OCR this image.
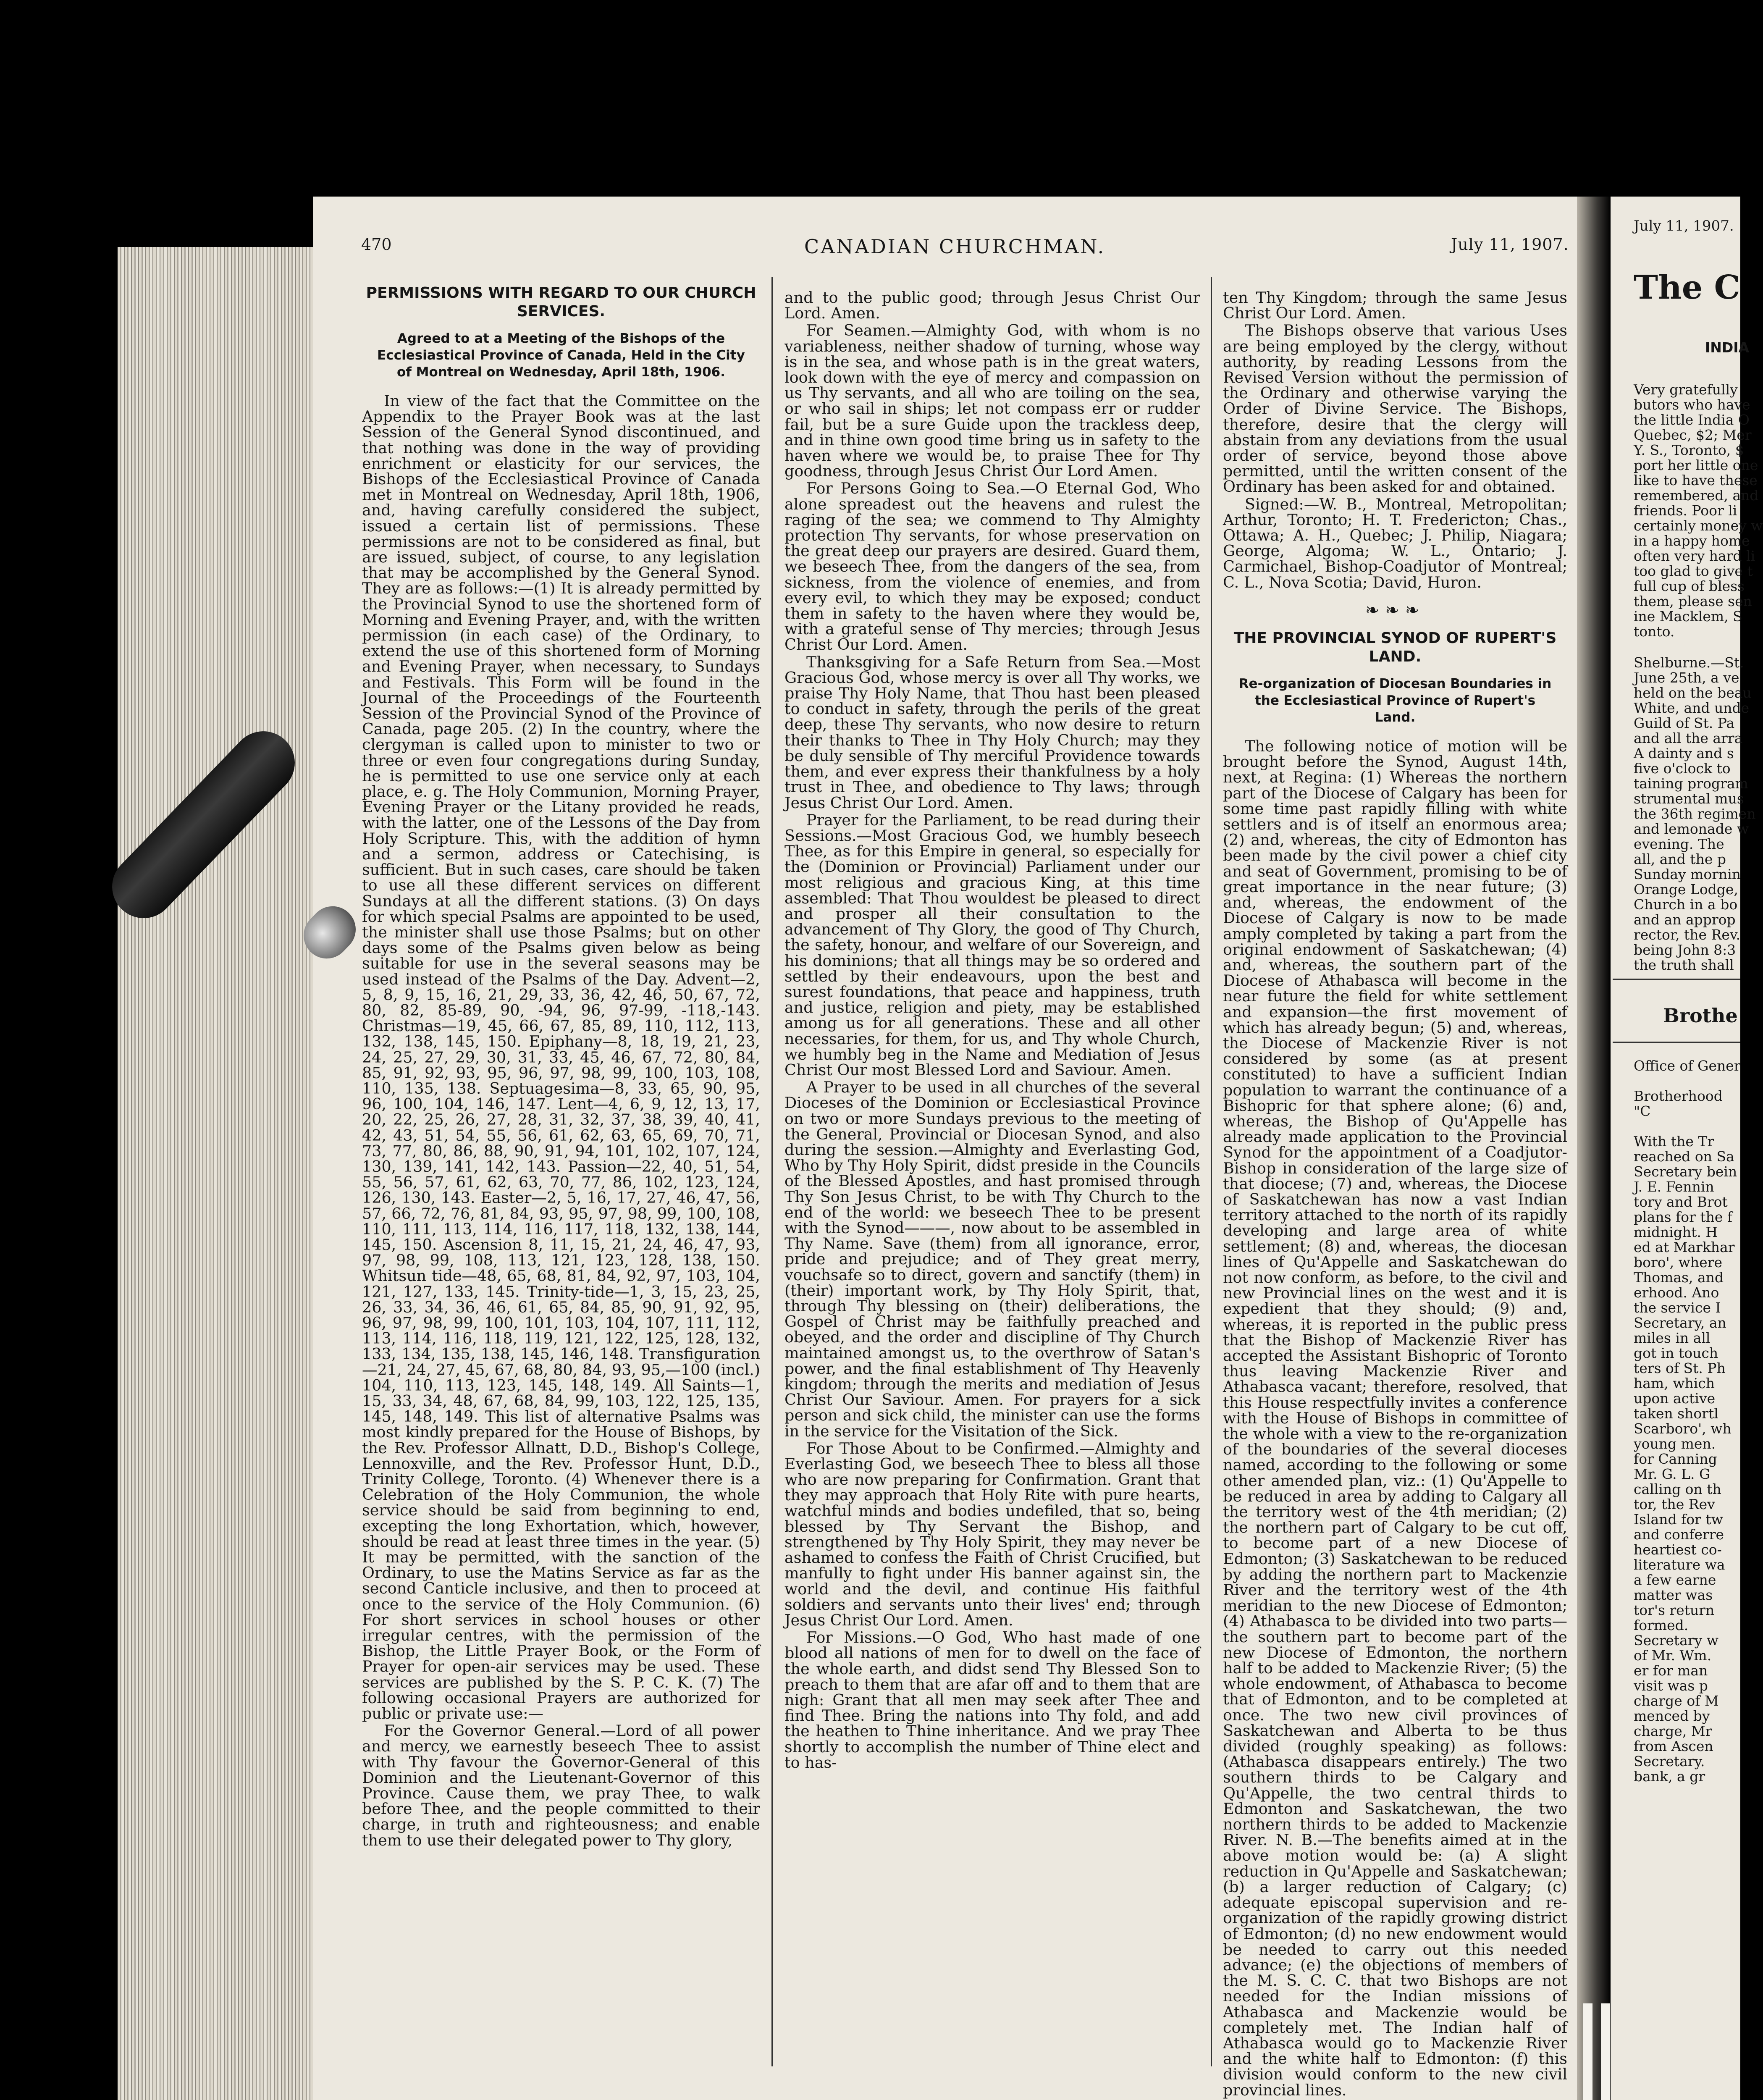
470	CANADIAN CHURCHMAN.	July 11, 1907.
PERMISSIONS WITH REGARD TO OUR CHURCH SERVICES.
Agreed to at a Meeting of the Bishops of the Ecclesiastical Province of Canada, Held in the City of Montreal on Wednesday, April 18th, 1906.

In view of the fact that the Committee on the Appendix to the Prayer Book was at the last Session of the General Synod discontinued, and that nothing was done in the way of providing enrichment or elasticity for our services, the Bishops of the Ecclesiastical Province of Canada met in Montreal on Wednesday, April 18th, 1906, and, having carefully considered the subject, issued a certain list of permissions. These permissions are not to be considered as final, but are issued, subject, of course, to any legislation that may be accomplished by the General Synod. They are as follows:—(1) It is already permitted by the Provincial Synod to use the shortened form of Morning and Evening Prayer, and, with the written permission (in each case) of the Ordinary, to extend the use of this shortened form of Morning and Evening Prayer, when necessary, to Sundays and Festivals. This Form will be found in the Journal of the Proceedings of the Fourteenth Session of the Provincial Synod of the Province of Canada, page 205. (2) In the country, where the clergyman is called upon to minister to two or three or even four congregations during Sunday, he is permitted to use one service only at each place, e. g. The Holy Communion, Morning Prayer, Evening Prayer or the Litany provided he reads, with the latter, one of the Lessons of the Day from Holy Scripture. This, with the addition of hymn and a sermon, address or Catechising, is sufficient. But in such cases, care should be taken to use all these different services on different Sundays at all the different stations. (3) On days for which special Psalms are appointed to be used, the minister shall use those Psalms; but on other days some of the Psalms given below as being suitable for use in the several seasons may be used instead of the Psalms of the Day. Advent—2, 5, 8, 9, 15, 16, 21, 29, 33, 36, 42, 46, 50, 67, 72, 80, 82, 85-89, 90, -94, 96, 97-99, -118,-143. Christmas—19, 45, 66, 67, 85, 89, 110, 112, 113, 132, 138, 145, 150. Epiphany—8, 18, 19, 21, 23, 24, 25, 27, 29, 30, 31, 33, 45, 46, 67, 72, 80, 84, 85, 91, 92, 93, 95, 96, 97, 98, 99, 100, 103, 108, 110, 135, 138. Septuagesima—8, 33, 65, 90, 95, 96, 100, 104, 146, 147. Lent—4, 6, 9, 12, 13, 17, 20, 22, 25, 26, 27, 28, 31, 32, 37, 38, 39, 40, 41, 42, 43, 51, 54, 55, 56, 61, 62, 63, 65, 69, 70, 71, 73, 77, 80, 86, 88, 90, 91, 94, 101, 102, 107, 124, 130, 139, 141, 142, 143. Passion—22, 40, 51, 54, 55, 56, 57, 61, 62, 63, 70, 77, 86, 102, 123, 124, 126, 130, 143. Easter—2, 5, 16, 17, 27, 46, 47, 56, 57, 66, 72, 76, 81, 84, 93, 95, 97, 98, 99, 100, 108, 110, 111, 113, 114, 116, 117, 118, 132, 138, 144, 145, 150. Ascension 8, 11, 15, 21, 24, 46, 47, 93, 97, 98, 99, 108, 113, 121, 123, 128, 138, 150. Whitsun tide—48, 65, 68, 81, 84, 92, 97, 103, 104, 121, 127, 133, 145. Trinity-tide—1, 3, 15, 23, 25, 26, 33, 34, 36, 46, 61, 65, 84, 85, 90, 91, 92, 95, 96, 97, 98, 99, 100, 101, 103, 104, 107, 111, 112, 113, 114, 116, 118, 119, 121, 122, 125, 128, 132, 133, 134, 135, 138, 145, 146, 148. Transfiguration—21, 24, 27, 45, 67, 68, 80, 84, 93, 95,—100 (incl.) 104, 110, 113, 123, 145, 148, 149. All Saints—1, 15, 33, 34, 48, 67, 68, 84, 99, 103, 122, 125, 135, 145, 148, 149. This list of alternative Psalms was most kindly prepared for the House of Bishops, by the Rev. Professor Allnatt, D.D., Bishop's College, Lennoxville, and the Rev. Professor Hunt, D.D., Trinity College, Toronto. (4) Whenever there is a Celebration of the Holy Communion, the whole service should be said from beginning to end, excepting the long Exhortation, which, however, should be read at least three times in the year. (5) It may be permitted, with the sanction of the Ordinary, to use the Matins Service as far as the second Canticle inclusive, and then to proceed at once to the service of the Holy Communion. (6) For short services in school houses or other irregular centres, with the permission of the Bishop, the Little Prayer Book, or the Form of Prayer for open-air services may be used. These services are published by the S. P. C. K. (7) The following occasional Prayers are authorized for public or private use:—

For the Governor General.—Lord of all power and mercy, we earnestly beseech Thee to assist with Thy favour the Governor-General of this Dominion and the Lieutenant-Governor of this Province. Cause them, we pray Thee, to walk before Thee, and the people committed to their charge, in truth and righteousness; and enable them to use their delegated power to Thy glory,

and to the public good; through Jesus Christ Our Lord. Amen.

For Seamen.—Almighty God, with whom is no variableness, neither shadow of turning, whose way is in the sea, and whose path is in the great waters, look down with the eye of mercy and compassion on us Thy servants, and all who are toiling on the sea, or who sail in ships; let not compass err or rudder fail, but be a sure Guide upon the trackless deep, and in thine own good time bring us in safety to the haven where we would be, to praise Thee for Thy goodness, through Jesus Christ Our Lord Amen.

For Persons Going to Sea.—O Eternal God, Who alone spreadest out the heavens and rulest the raging of the sea; we commend to Thy Almighty protection Thy servants, for whose preservation on the great deep our prayers are desired. Guard them, we beseech Thee, from the dangers of the sea, from sickness, from the violence of enemies, and from every evil, to which they may be exposed; conduct them in safety to the haven where they would be, with a grateful sense of Thy mercies; through Jesus Christ Our Lord. Amen.

Thanksgiving for a Safe Return from Sea.—Most Gracious God, whose mercy is over all Thy works, we praise Thy Holy Name, that Thou hast been pleased to conduct in safety, through the perils of the great deep, these Thy servants, who now desire to return their thanks to Thee in Thy Holy Church; may they be duly sensible of Thy merciful Providence towards them, and ever express their thankfulness by a holy trust in Thee, and obedience to Thy laws; through Jesus Christ Our Lord. Amen.

Prayer for the Parliament, to be read during their Sessions.—Most Gracious God, we humbly beseech Thee, as for this Empire in general, so especially for the (Dominion or Provincial) Parliament under our most religious and gracious King, at this time assembled: That Thou wouldest be pleased to direct and prosper all their consultation to the advancement of Thy Glory, the good of Thy Church, the safety, honour, and welfare of our Sovereign, and his dominions; that all things may be so ordered and settled by their endeavours, upon the best and surest foundations, that peace and happiness, truth and justice, religion and piety, may be established among us for all generations. These and all other necessaries, for them, for us, and Thy whole Church, we humbly beg in the Name and Mediation of Jesus Christ Our most Blessed Lord and Saviour. Amen.

A Prayer to be used in all churches of the several Dioceses of the Dominion or Ecclesiastical Province on two or more Sundays previous to the meeting of the General, Provincial or Diocesan Synod, and also during the session.—Almighty and Everlasting God, Who by Thy Holy Spirit, didst preside in the Councils of the Blessed Apostles, and hast promised through Thy Son Jesus Christ, to be with Thy Church to the end of the world: we beseech Thee to be present with the Synod———, now about to be assembled in Thy Name. Save (them) from all ignorance, error, pride and prejudice; and of They great merry, vouchsafe so to direct, govern and sanctify (them) in (their) important work, by Thy Holy Spirit, that, through Thy blessing on (their) deliberations, the Gospel of Christ may be faithfully preached and obeyed, and the order and discipline of Thy Church maintained amongst us, to the overthrow of Satan's power, and the final establishment of Thy Heavenly kingdom; through the merits and mediation of Jesus Christ Our Saviour. Amen. For prayers for a sick person and sick child, the minister can use the forms in the service for the Visitation of the Sick.

For Those About to be Confirmed.—Almighty and Everlasting God, we beseech Thee to bless all those who are now preparing for Confirmation. Grant that they may approach that Holy Rite with pure hearts, watchful minds and bodies undefiled, that so, being blessed by Thy Servant the Bishop, and strengthened by Thy Holy Spirit, they may never be ashamed to confess the Faith of Christ Crucified, but manfully to fight under His banner against sin, the world and the devil, and continue His faithful soldiers and servants unto their lives' end; through Jesus Christ Our Lord. Amen.

For Missions.—O God, Who hast made of one blood all nations of men for to dwell on the face of the whole earth, and didst send Thy Blessed Son to preach to them that are afar off and to them that are nigh: Grant that all men may seek after Thee and find Thee. Bring the nations into Thy fold, and add the heathen to Thine inheritance. And we pray Thee shortly to accomplish the number of Thine elect and to has-

ten Thy Kingdom; through the same Jesus Christ Our Lord. Amen.

The Bishops observe that various Uses are being employed by the clergy, without authority, by reading Lessons from the Revised Version without the permission of the Ordinary and otherwise varying the Order of Divine Service. The Bishops, therefore, desire that the clergy will abstain from any deviations from the usual order of service, beyond those above permitted, until the written consent of the Ordinary has been asked for and obtained.

Signed:—W. B., Montreal, Metropolitan; Arthur, Toronto; H. T. Fredericton; Chas., Ottawa; A. H., Quebec; J. Philip, Niagara; George, Algoma; W. L., Ontario; J. Carmichael, Bishop-Coadjutor of Montreal; C. L., Nova Scotia; David, Huron.

❧❧❧
THE PROVINCIAL SYNOD OF RUPERT'S LAND.
Re-organization of Diocesan Boundaries in the Ecclesiastical Province of Rupert's Land.

The following notice of motion will be brought before the Synod, August 14th, next, at Regina: (1) Whereas the northern part of the Diocese of Calgary has been for some time past rapidly filling with white settlers and is of itself an enormous area; (2) and, whereas, the city of Edmonton has been made by the civil power a chief city and seat of Government, promising to be of great importance in the near future; (3) and, whereas, the endowment of the Diocese of Calgary is now to be made amply completed by taking a part from the original endowment of Saskatchewan; (4) and, whereas, the southern part of the Diocese of Athabasca will become in the near future the field for white settlement and expansion—the first movement of which has already begun; (5) and, whereas, the Diocese of Mackenzie River is not considered by some (as at present constituted) to have a sufficient Indian population to warrant the continuance of a Bishopric for that sphere alone; (6) and, whereas, the Bishop of Qu'Appelle has already made application to the Provincial Synod for the appointment of a Coadjutor-Bishop in consideration of the large size of that diocese; (7) and, whereas, the Diocese of Saskatchewan has now a vast Indian territory attached to the north of its rapidly developing and large area of white settlement; (8) and, whereas, the diocesan lines of Qu'Appelle and Saskatchewan do not now conform, as before, to the civil and new Provincial lines on the west and it is expedient that they should; (9) and, whereas, it is reported in the public press that the Bishop of Mackenzie River has accepted the Assistant Bishopric of Toronto thus leaving Mackenzie River and Athabasca vacant; therefore, resolved, that this House respectfully invites a conference with the House of Bishops in committee of the whole with a view to the re-organization of the boundaries of the several dioceses named, according to the following or some other amended plan, viz.: (1) Qu'Appelle to be reduced in area by adding to Calgary all the territory west of the 4th meridian; (2) the northern part of Calgary to be cut off, to become part of a new Diocese of Edmonton; (3) Saskatchewan to be reduced by adding the northern part to Mackenzie River and the territory west of the 4th meridian to the new Diocese of Edmonton; (4) Athabasca to be divided into two parts—the southern part to become part of the new Diocese of Edmonton, the northern half to be added to Mackenzie River; (5) the whole endowment, of Athabasca to become that of Edmonton, and to be completed at once. The two new civil provinces of Saskatchewan and Alberta to be thus divided (roughly speaking) as follows: (Athabasca disappears entirely.) The two southern thirds to be Calgary and Qu'Appelle, the two central thirds to Edmonton and Saskatchewan, the two northern thirds to be added to Mackenzie River. N. B.—The benefits aimed at in the above motion would be: (a) A slight reduction in Qu'Appelle and Saskatchewan; (b) a larger reduction of Calgary; (c) adequate episcopal supervision and re-organization of the rapidly growing district of Edmonton; (d) no new endowment would be needed to carry out this needed advance; (e) the objections of members of the M. S. C. C. that two Bishops are not needed for the Indian missions of Athabasca and Mackenzie would be completely met. The Indian half of Athabasca would go to Mackenzie River and the white half to Edmonton: (f) this division would conform to the new civil provincial lines.

July 11, 1907.
The C
INDIA
Very gratefully
butors who have
the little India O
Quebec, $2; Mer
Y. S., Toronto, $
port her little one
like to have these
remembered, and
friends. Poor li
certainly money w
in a happy home
often very hard li
too glad to give t
full cup of bless
them, please sen
ine Macklem, S
tonto.
Shelburne.—St.
June 25th, a ve
held on the beau
White, and unde
Guild of St. Pa
and all the arra
A dainty and s
five o'clock to
taining program
strumental mus
the 36th regimen
and lemonade w
evening. The
all, and the p
Sunday mornin
Orange Lodge,
Church in a bo
and an approp
rector, the Rev.
being John 8:3
the truth shall
Brothe
Office of Gener

Brotherhood
"C

With the Tr
reached on Sa
Secretary bein
J. E. Fennin
tory and Brot
plans for the f
midnight. H
ed at Markhar
boro', where
Thomas, and
erhood. Ano
the service I
Secretary, an
miles in all
got in touch
ters of St. Ph
ham, which
upon active
taken shortl
Scarboro', wh
young men.
for Canning
Mr. G. L. G
calling on th
tor, the Rev
Island for tw
and conferre
heartiest co-
literature wa
a few earne
matter was
tor's return
formed.
Secretary w
of Mr. Wm.
er for man
visit was p
charge of M
menced by
charge, Mr
from Ascen
Secretary.
bank, a gr
